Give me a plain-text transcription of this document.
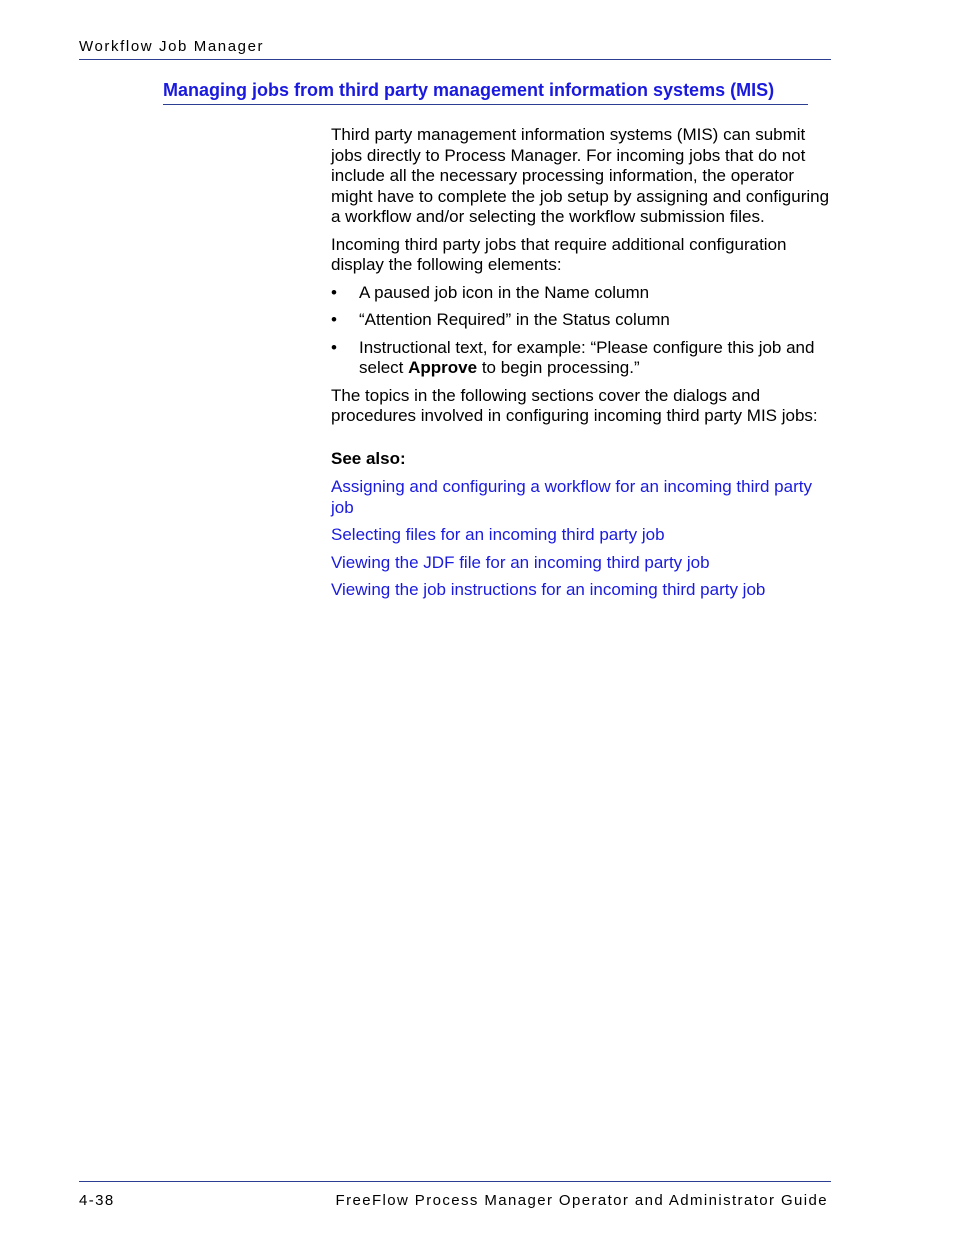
Workflow Job Manager
Managing jobs from third party management information systems (MIS)

Third party management information systems (MIS) can submit jobs directly to Process Manager. For incoming jobs that do not include all the necessary processing information, the operator might have to complete the job setup by assigning and configuring a workflow and/or selecting the workflow submission files.

Incoming third party jobs that require additional configuration display the following elements:

• A paused job icon in the Name column
• “Attention Required” in the Status column
• Instructional text, for example: “Please configure this job and select Approve to begin processing.”

The topics in the following sections cover the dialogs and procedures involved in configuring incoming third party MIS jobs:

See also:
Assigning and configuring a workflow for an incoming third party job
Selecting files for an incoming third party job
Viewing the JDF file for an incoming third party job
Viewing the job instructions for an incoming third party job
4-38	FreeFlow Process Manager Operator and Administrator Guide
